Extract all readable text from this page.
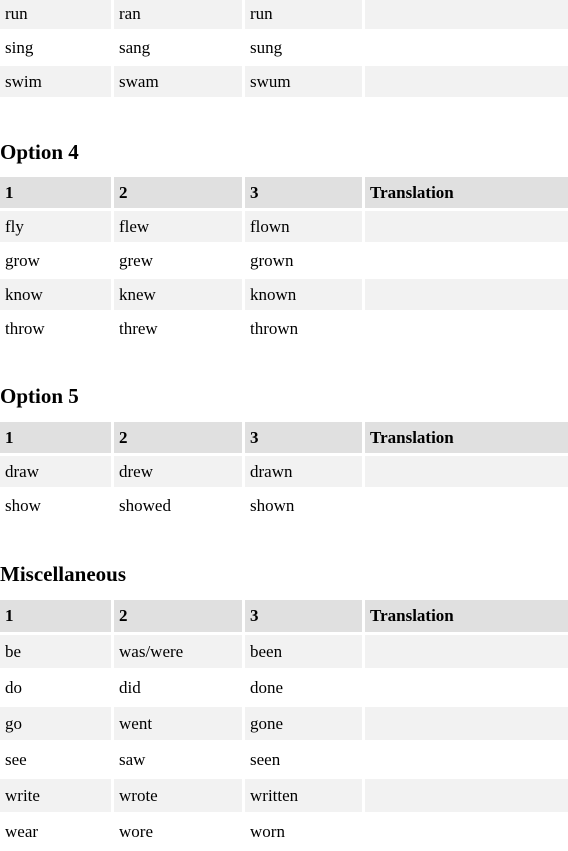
run	ran	run	
sing	sang	sung	
swim	swam	swum	
Option 4
1	2	3	Translation
fly	flew	flown	
grow	grew	grown	
know	knew	known	
throw	threw	thrown	
Option 5
1	2	3	Translation
draw	drew	drawn	
show	showed	shown	
Miscellaneous
1	2	3	Translation
be	was/were	been	
do	did	done	
go	went	gone	
see	saw	seen	
write	wrote	written	
wear	wore	worn	
